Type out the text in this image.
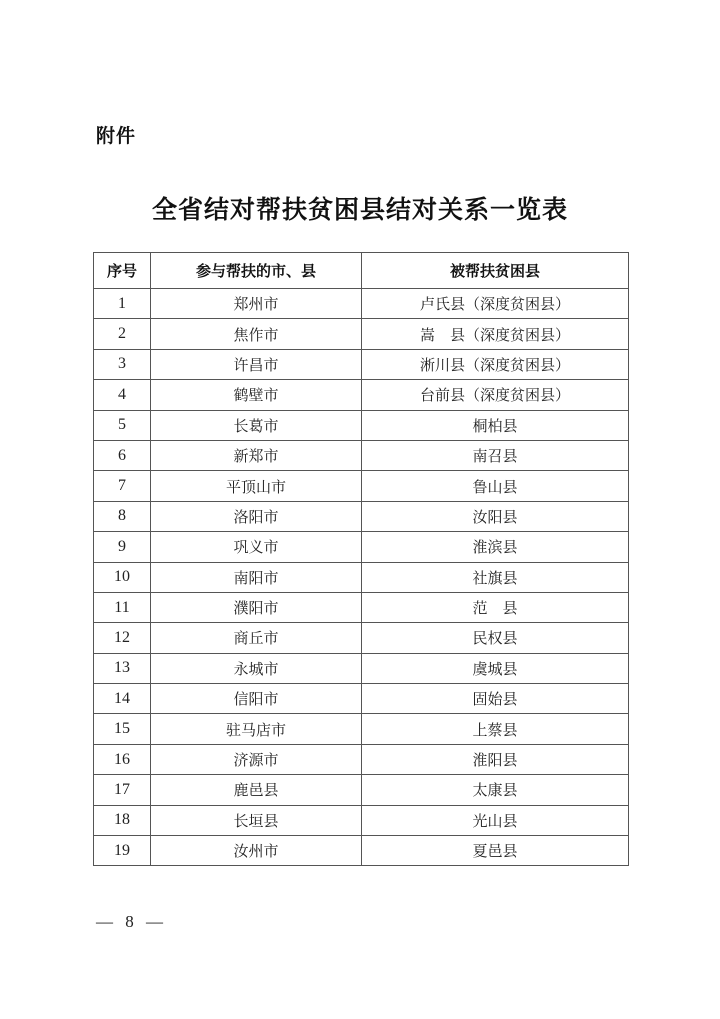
附件
全省结对帮扶贫困县结对关系一览表
序号	参与帮扶的市、县	被帮扶贫困县
1	郑州市	卢氏县（深度贫困县）
2	焦作市	嵩　县（深度贫困县）
3	许昌市	淅川县（深度贫困县）
4	鹤壁市	台前县（深度贫困县）
5	长葛市	桐柏县
6	新郑市	南召县
7	平顶山市	鲁山县
8	洛阳市	汝阳县
9	巩义市	淮滨县
10	南阳市	社旗县
11	濮阳市	范　县
12	商丘市	民权县
13	永城市	虞城县
14	信阳市	固始县
15	驻马店市	上蔡县
16	济源市	淮阳县
17	鹿邑县	太康县
18	长垣县	光山县
19	汝州市	夏邑县
— 8 —
